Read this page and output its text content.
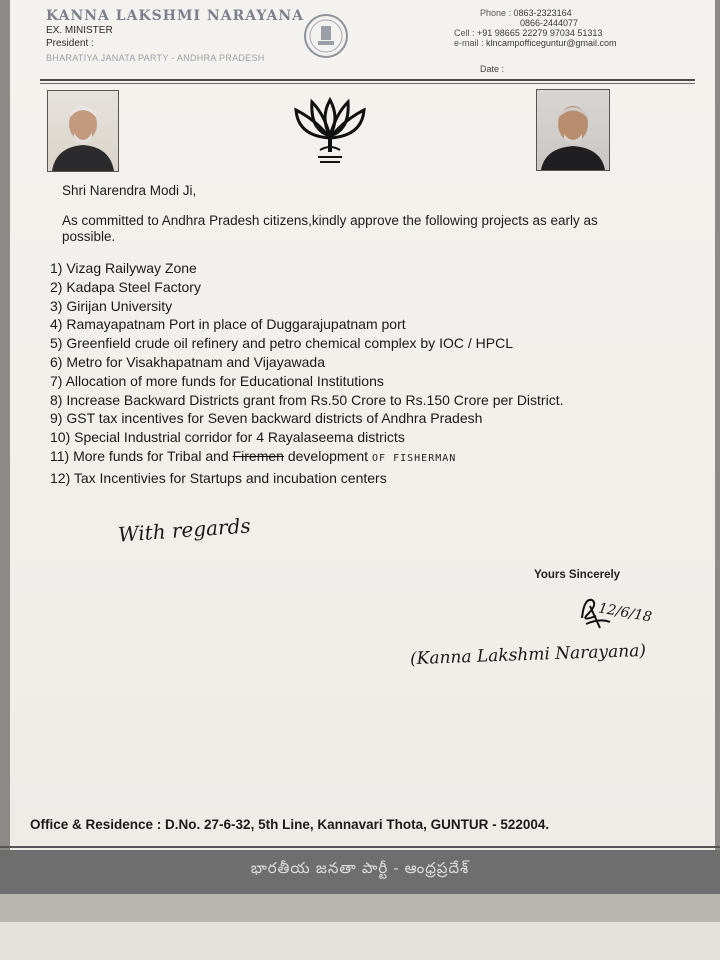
KANNA LAKSHMI NARAYANA
EX. MINISTER
President :
BHARATIYA JANATA PARTY - ANDHRA PRADESH
Phone : 0863-2323164
0866-2444077
Cell : +91 98665 22279 97034 51313
e-mail : klncampofficeguntur@gmail.com
Date :
Shri Narendra Modi Ji,
As committed to Andhra Pradesh citizens,kindly approve the following projects as early as possible.
1) Vizag Railyway Zone
2) Kadapa Steel Factory
3) Girijan University
4) Ramayapatnam Port in place of Duggarajupatnam port
5) Greenfield crude oil refinery and petro chemical complex by IOC / HPCL
6) Metro for Visakhapatnam and Vijayawada
7) Allocation of more funds for Educational Institutions
8) Increase Backward Districts grant from Rs.50 Crore to Rs.150 Crore per District.
9) GST tax incentives for Seven backward districts of Andhra Pradesh
10) Special Industrial corridor for 4 Rayalaseema districts
11) More funds for Tribal and Firemen development OF FISHERMAN
12) Tax Incentivies for Startups and incubation centers
With regards
Yours Sincerely
12/6/18
(Kanna Lakshmi Narayana)
Office & Residence : D.No. 27-6-32, 5th Line, Kannavari Thota, GUNTUR - 522004.
భారతీయ జనతా పార్టీ - ఆంధ్రప్రదేశ్
